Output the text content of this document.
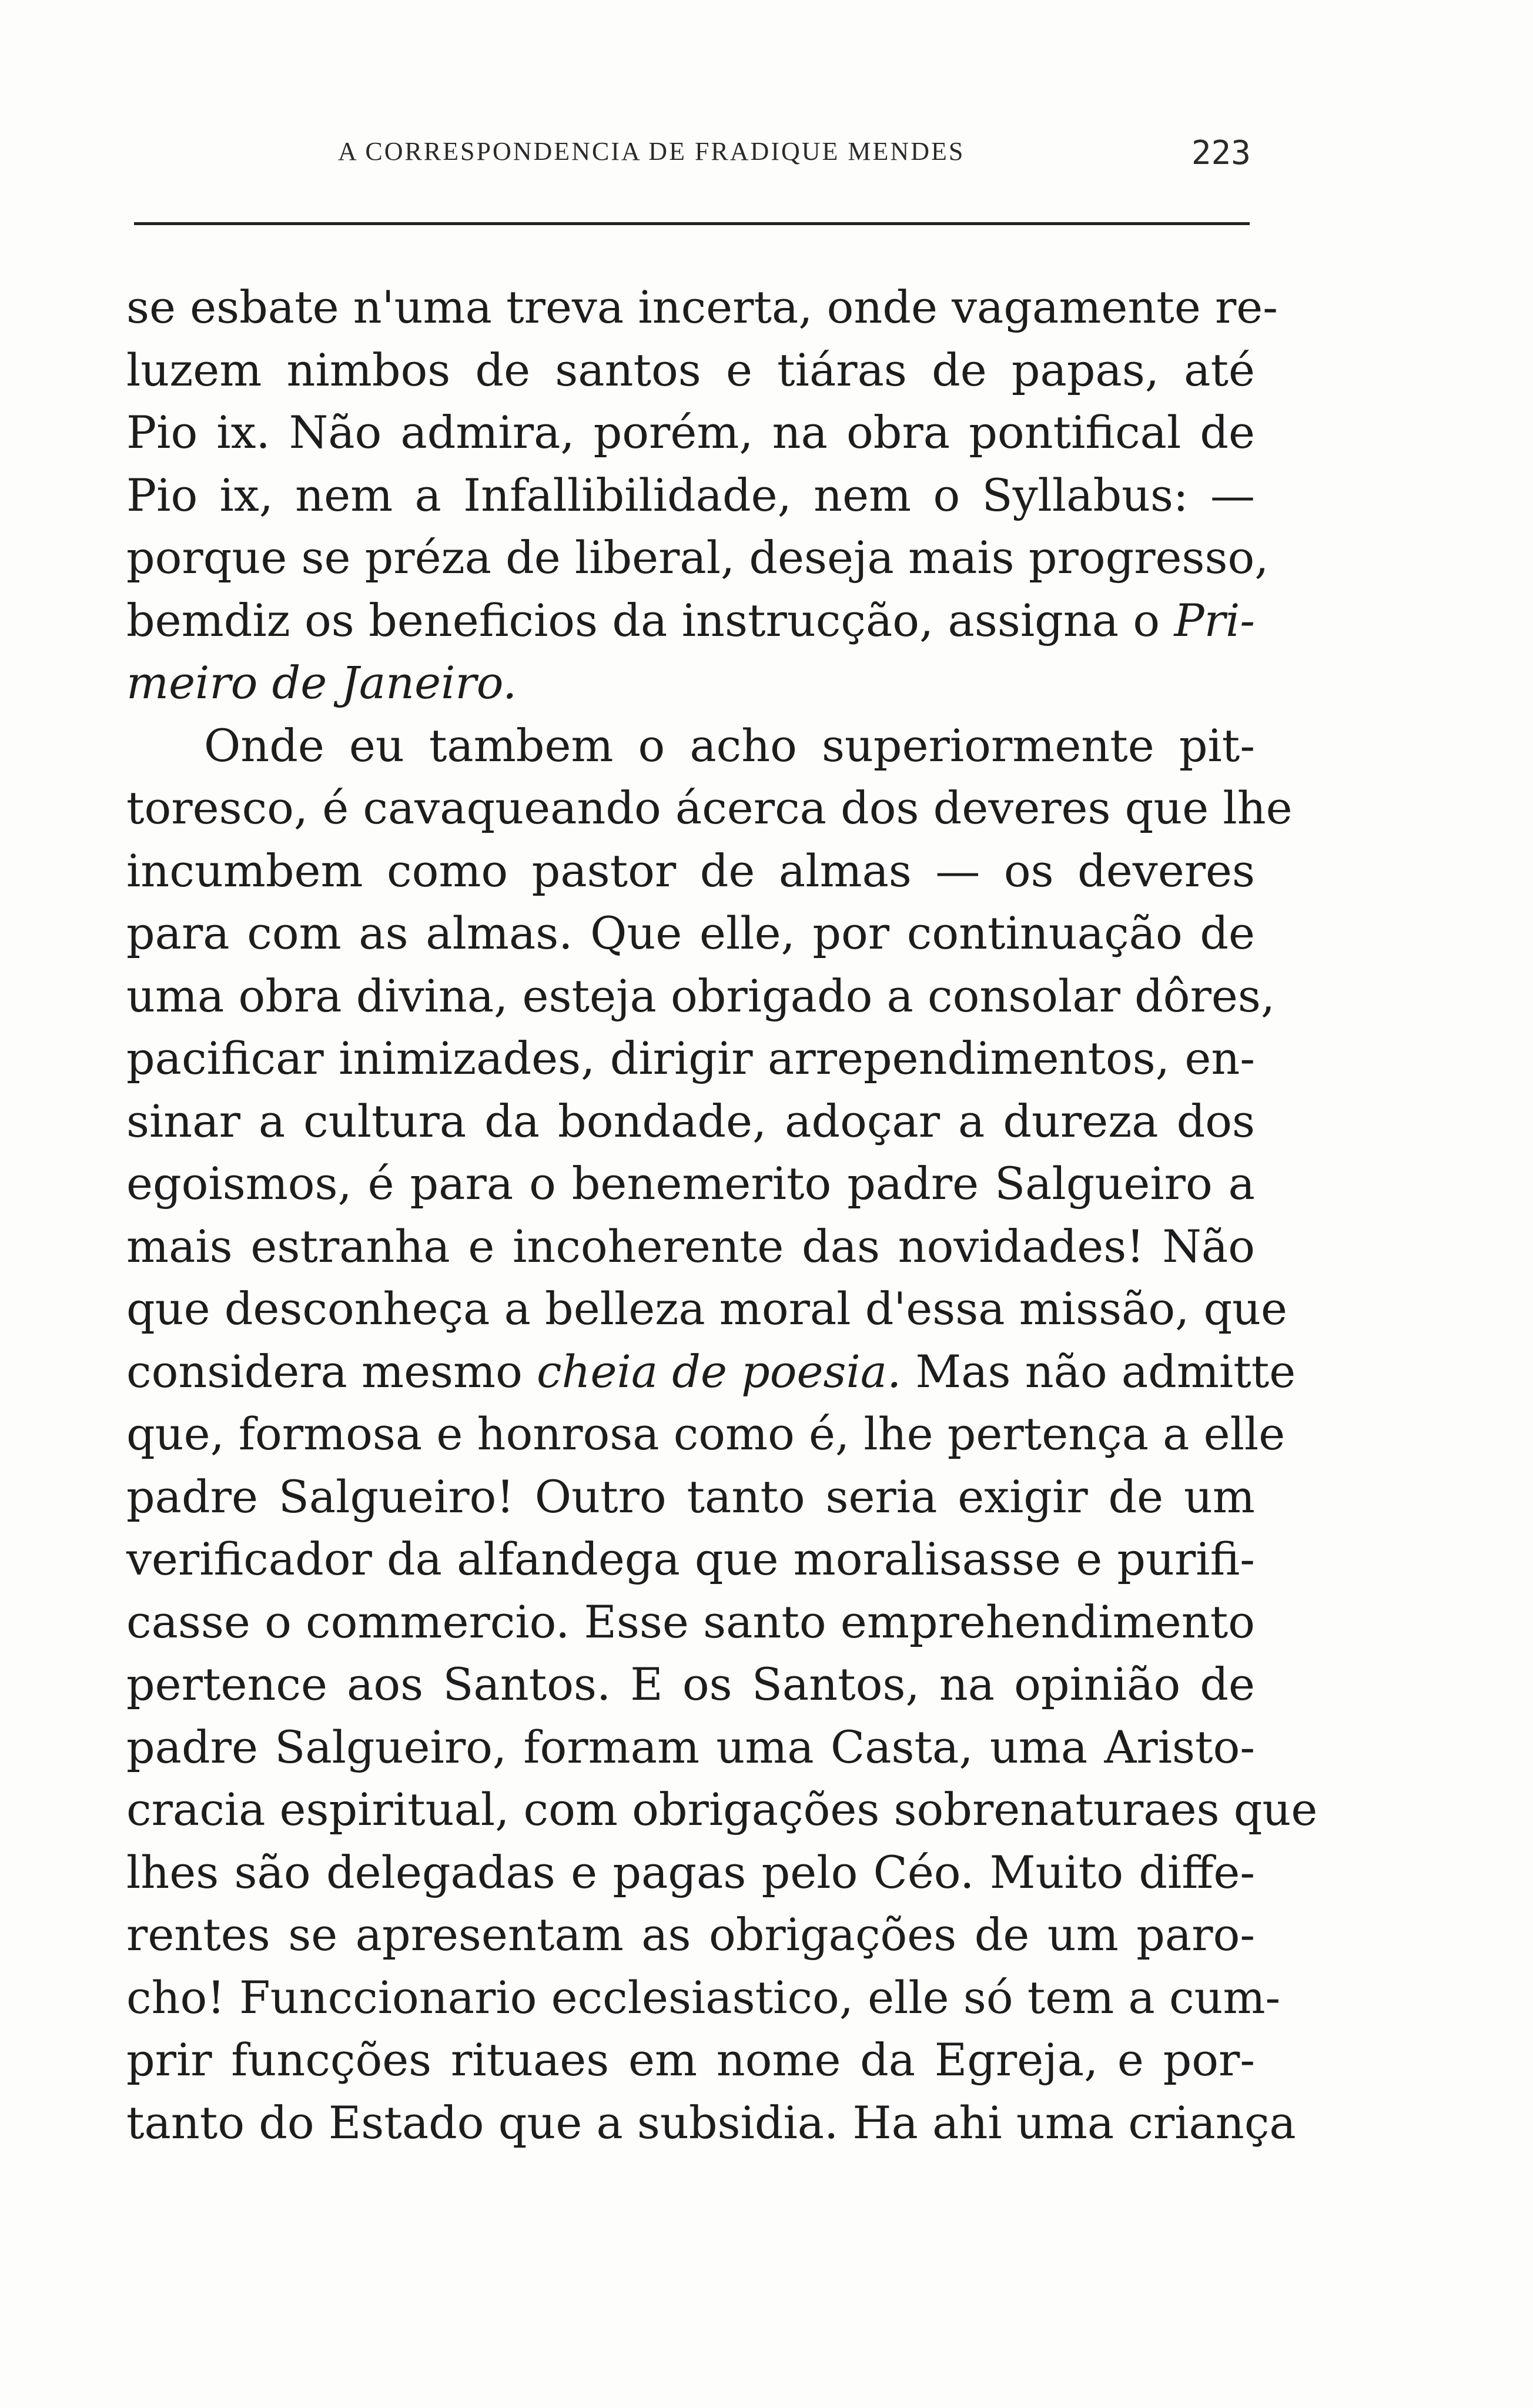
A CORRESPONDENCIA DE FRADIQUE MENDES	223
se esbate n'uma treva incerta, onde vagamente re-
luzem nimbos de santos e tiáras de papas, até
Pio ix. Não admira, porém, na obra pontifical de
Pio ix, nem a Infallibilidade, nem o Syllabus: —
porque se préza de liberal, deseja mais progresso,
bemdiz os beneficios da instrucção, assigna o Pri-
meiro de Janeiro.
Onde eu tambem o acho superiormente pit-
toresco, é cavaqueando ácerca dos deveres que lhe
incumbem como pastor de almas — os deveres
para com as almas. Que elle, por continuação de
uma obra divina, esteja obrigado a consolar dôres,
pacificar inimizades, dirigir arrependimentos, en-
sinar a cultura da bondade, adoçar a dureza dos
egoismos, é para o benemerito padre Salgueiro a
mais estranha e incoherente das novidades! Não
que desconheça a belleza moral d'essa missão, que
considera mesmo cheia de poesia. Mas não admitte
que, formosa e honrosa como é, lhe pertença a elle
padre Salgueiro! Outro tanto seria exigir de um
verificador da alfandega que moralisasse e purifi-
casse o commercio. Esse santo emprehendimento
pertence aos Santos. E os Santos, na opinião de
padre Salgueiro, formam uma Casta, uma Aristo-
cracia espiritual, com obrigações sobrenaturaes que
lhes são delegadas e pagas pelo Céo. Muito diffe-
rentes se apresentam as obrigações de um paro-
cho! Funccionario ecclesiastico, elle só tem a cum-
prir funcções rituaes em nome da Egreja, e por-
tanto do Estado que a subsidia. Ha ahi uma criança
